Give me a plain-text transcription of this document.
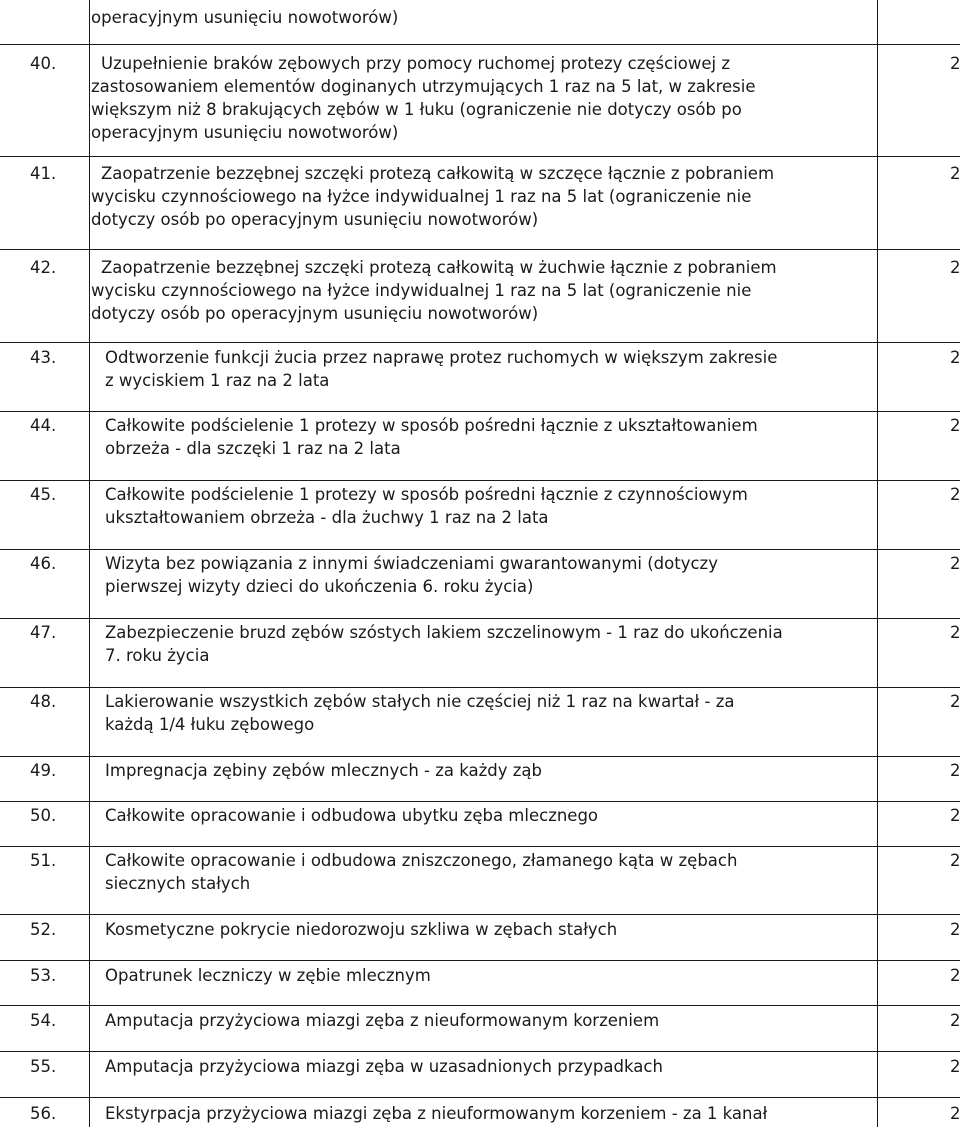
operacyjnym usunięciu nowotworów)
40.	Uzupełnienie braków zębowych przy pomocy ruchomej protezy częściowej z
zastosowaniem elementów doginanych utrzymujących 1 raz na 5 lat, w zakresie
większym niż 8 brakujących zębów w 1 łuku (ograniczenie nie dotyczy osób po
operacyjnym usunięciu nowotworów)
2
41.	Zaopatrzenie bezzębnej szczęki protezą całkowitą w szczęce łącznie z pobraniem
wycisku czynnościowego na łyżce indywidualnej 1 raz na 5 lat (ograniczenie nie
dotyczy osób po operacyjnym usunięciu nowotworów)
2
42.	Zaopatrzenie bezzębnej szczęki protezą całkowitą w żuchwie łącznie z pobraniem
wycisku czynnościowego na łyżce indywidualnej 1 raz na 5 lat (ograniczenie nie
dotyczy osób po operacyjnym usunięciu nowotworów)
2
43.	Odtworzenie funkcji żucia przez naprawę protez ruchomych w większym zakresie
z wyciskiem 1 raz na 2 lata
2
44.	Całkowite podścielenie 1 protezy w sposób pośredni łącznie z ukształtowaniem
obrzeża - dla szczęki 1 raz na 2 lata
2
45.	Całkowite podścielenie 1 protezy w sposób pośredni łącznie z czynnościowym
ukształtowaniem obrzeża - dla żuchwy 1 raz na 2 lata
2
46.	Wizyta bez powiązania z innymi świadczeniami gwarantowanymi (dotyczy
pierwszej wizyty dzieci do ukończenia 6. roku życia)
2
47.	Zabezpieczenie bruzd zębów szóstych lakiem szczelinowym - 1 raz do ukończenia
7. roku życia
2
48.	Lakierowanie wszystkich zębów stałych nie częściej niż 1 raz na kwartał - za
każdą 1/4 łuku zębowego
2
49.	Impregnacja zębiny zębów mlecznych - za każdy ząb	2
50.	Całkowite opracowanie i odbudowa ubytku zęba mlecznego	2
51.	Całkowite opracowanie i odbudowa zniszczonego, złamanego kąta w zębach
siecznych stałych
2
52.	Kosmetyczne pokrycie niedorozwoju szkliwa w zębach stałych	2
53.	Opatrunek leczniczy w zębie mlecznym	2
54.	Amputacja przyżyciowa miazgi zęba z nieuformowanym korzeniem	2
55.	Amputacja przyżyciowa miazgi zęba w uzasadnionych przypadkach	2
56.	Ekstyrpacja przyżyciowa miazgi zęba z nieuformowanym korzeniem - za 1 kanał	2
